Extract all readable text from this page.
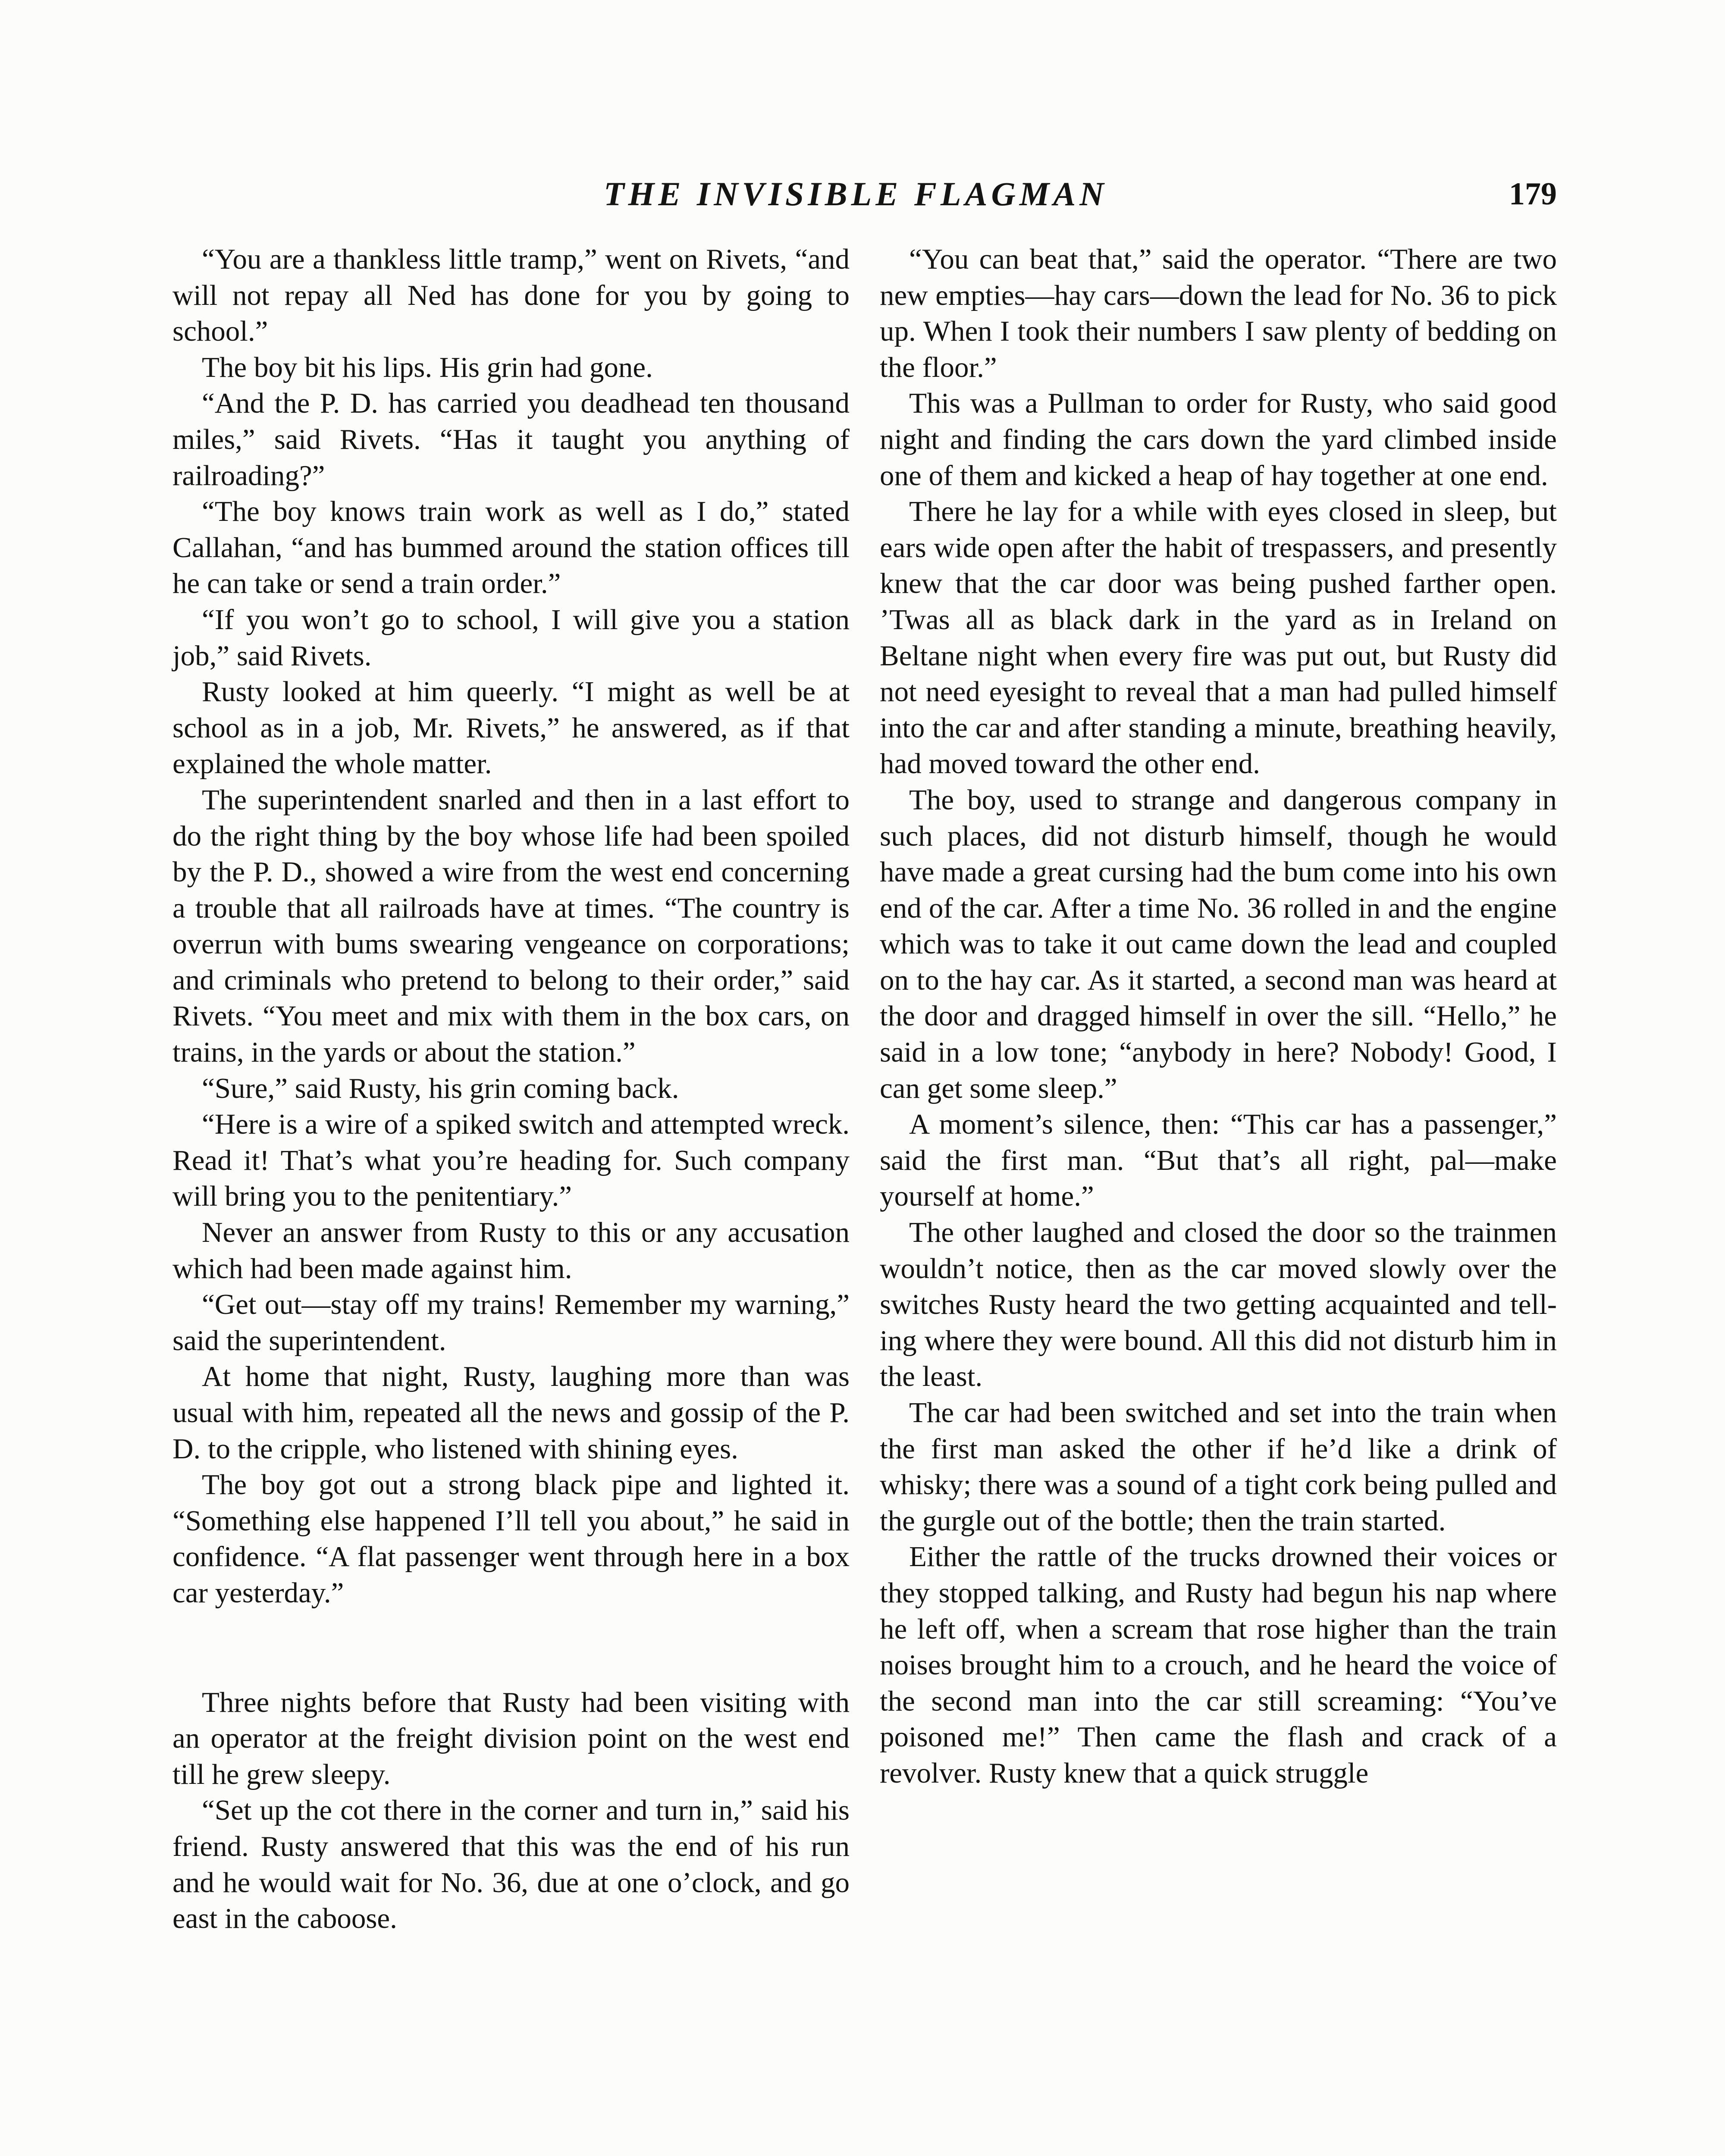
THE INVISIBLE FLAGMAN	179

“You are a thankless little tramp,” went on Rivets, “and will not repay all Ned has done for you by going to school.”

The boy bit his lips. His grin had gone.

“And the P. D. has carried you deadhead ten thousand miles,” said Rivets. “Has it taught you anything of railroading?”

“The boy knows train work as well as I do,” stated Callahan, “and has bummed around the station offices till he can take or send a train order.”

“If you won’t go to school, I will give you a station job,” said Rivets.

Rusty looked at him queerly. “I might as well be at school as in a job, Mr. Rivets,” he answered, as if that explained the whole matter.

The superintendent snarled and then in a last effort to do the right thing by the boy whose life had been spoiled by the P. D., showed a wire from the west end concerning a trouble that all railroads have at times. “The country is overrun with bums swearing vengeance on corporations; and criminals who pretend to belong to their order,” said Rivets. “You meet and mix with them in the box cars, on trains, in the yards or about the station.”

“Sure,” said Rusty, his grin coming back.

“Here is a wire of a spiked switch and attempted wreck. Read it! That’s what you’re heading for. Such company will bring you to the penitentiary.”

Never an answer from Rusty to this or any accusation which had been made against him.

“Get out—stay off my trains! Remember my warning,” said the superintendent.

At home that night, Rusty, laughing more than was usual with him, repeated all the news and gossip of the P. D. to the cripple, who listened with shining eyes.

The boy got out a strong black pipe and lighted it. “Something else happened I’ll tell you about,” he said in confidence. “A flat passenger went through here in a box car yesterday.”

Three nights before that Rusty had been visiting with an operator at the freight division point on the west end till he grew sleepy.

“Set up the cot there in the corner and turn in,” said his friend. Rusty answered that this was the end of his run and he would wait for No. 36, due at one o’clock, and go east in the caboose.

“You can beat that,” said the operator. “There are two new empties—hay cars—down the lead for No. 36 to pick up. When I took their numbers I saw plenty of bedding on the floor.”

This was a Pullman to order for Rusty, who said good night and finding the cars down the yard climbed inside one of them and kicked a heap of hay together at one end.

There he lay for a while with eyes closed in sleep, but ears wide open after the habit of trespassers, and presently knew that the car door was being pushed farther open. ’Twas all as black dark in the yard as in Ireland on Beltane night when every fire was put out, but Rusty did not need eyesight to reveal that a man had pulled himself into the car and after standing a minute, breathing heavily, had moved toward the other end.

The boy, used to strange and dangerous company in such places, did not disturb himself, though he would have made a great cursing had the bum come into his own end of the car. After a time No. 36 rolled in and the engine which was to take it out came down the lead and coupled on to the hay car. As it started, a second man was heard at the door and dragged himself in over the sill. “Hello,” he said in a low tone; “anybody in here? Nobody! Good, I can get some sleep.”

A moment’s silence, then: “This car has a passenger,” said the first man. “But that’s all right, pal—make yourself at home.”

The other laughed and closed the door so the trainmen wouldn’t notice, then as the car moved slowly over the switches Rusty heard the two getting acquainted and telling where they were bound. All this did not disturb him in the least.

The car had been switched and set into the train when the first man asked the other if he’d like a drink of whisky; there was a sound of a tight cork being pulled and the gurgle out of the bottle; then the train started.

Either the rattle of the trucks drowned their voices or they stopped talking, and Rusty had begun his nap where he left off, when a scream that rose higher than the train noises brought him to a crouch, and he heard the voice of the second man into the car still screaming: “You’ve poisoned me!” Then came the flash and crack of a revolver. Rusty knew that a quick struggle
